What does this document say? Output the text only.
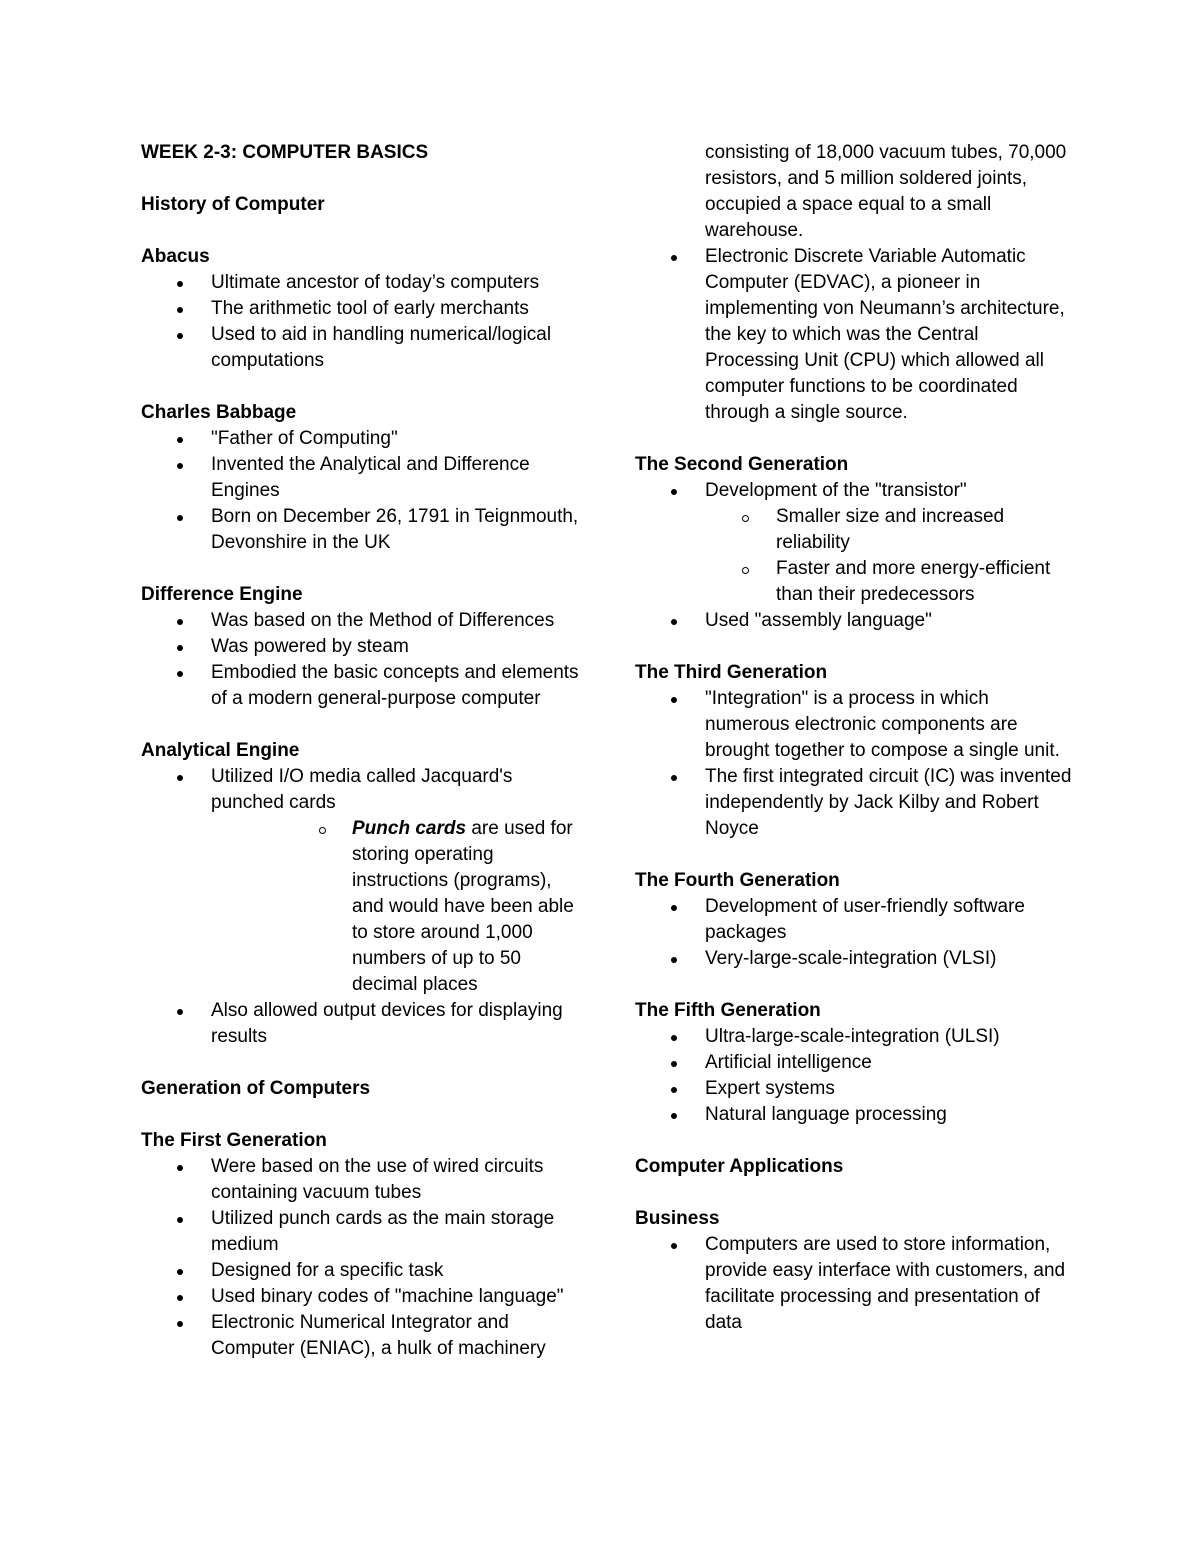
WEEK 2-3: COMPUTER BASICS
History of Computer
Abacus
Ultimate ancestor of today’s computers
The arithmetic tool of early merchants
Used to aid in handling numerical/logical computations
Charles Babbage
"Father of Computing"
Invented the Analytical and Difference Engines
Born on December 26, 1791 in Teignmouth, Devonshire in the UK
Difference Engine
Was based on the Method of Differences
Was powered by steam
Embodied the basic concepts and elements of a modern general-purpose computer
Analytical Engine
Utilized I/O media called Jacquard's punched cards
Punch cards are used for storing operating instructions (programs), and would have been able to store around 1,000 numbers of up to 50 decimal places
Also allowed output devices for displaying results
Generation of Computers
The First Generation
Were based on the use of wired circuits containing vacuum tubes
Utilized punch cards as the main storage medium
Designed for a specific task
Used binary codes of "machine language"
Electronic Numerical Integrator and Computer (ENIAC), a hulk of machinery
consisting of 18,000 vacuum tubes, 70,000 resistors, and 5 million soldered joints, occupied a space equal to a small warehouse.
Electronic Discrete Variable Automatic Computer (EDVAC), a pioneer in implementing von Neumann’s architecture, the key to which was the Central Processing Unit (CPU) which allowed all computer functions to be coordinated through a single source.
The Second Generation
Development of the "transistor"
Smaller size and increased reliability
Faster and more energy-efficient than their predecessors
Used "assembly language"
The Third Generation
"Integration" is a process in which numerous electronic components are brought together to compose a single unit.
The first integrated circuit (IC) was invented independently by Jack Kilby and Robert Noyce
The Fourth Generation
Development of user-friendly software packages
Very-large-scale-integration (VLSI)
The Fifth Generation
Ultra-large-scale-integration (ULSI)
Artificial intelligence
Expert systems
Natural language processing
Computer Applications
Business
Computers are used to store information, provide easy interface with customers, and facilitate processing and presentation of data
